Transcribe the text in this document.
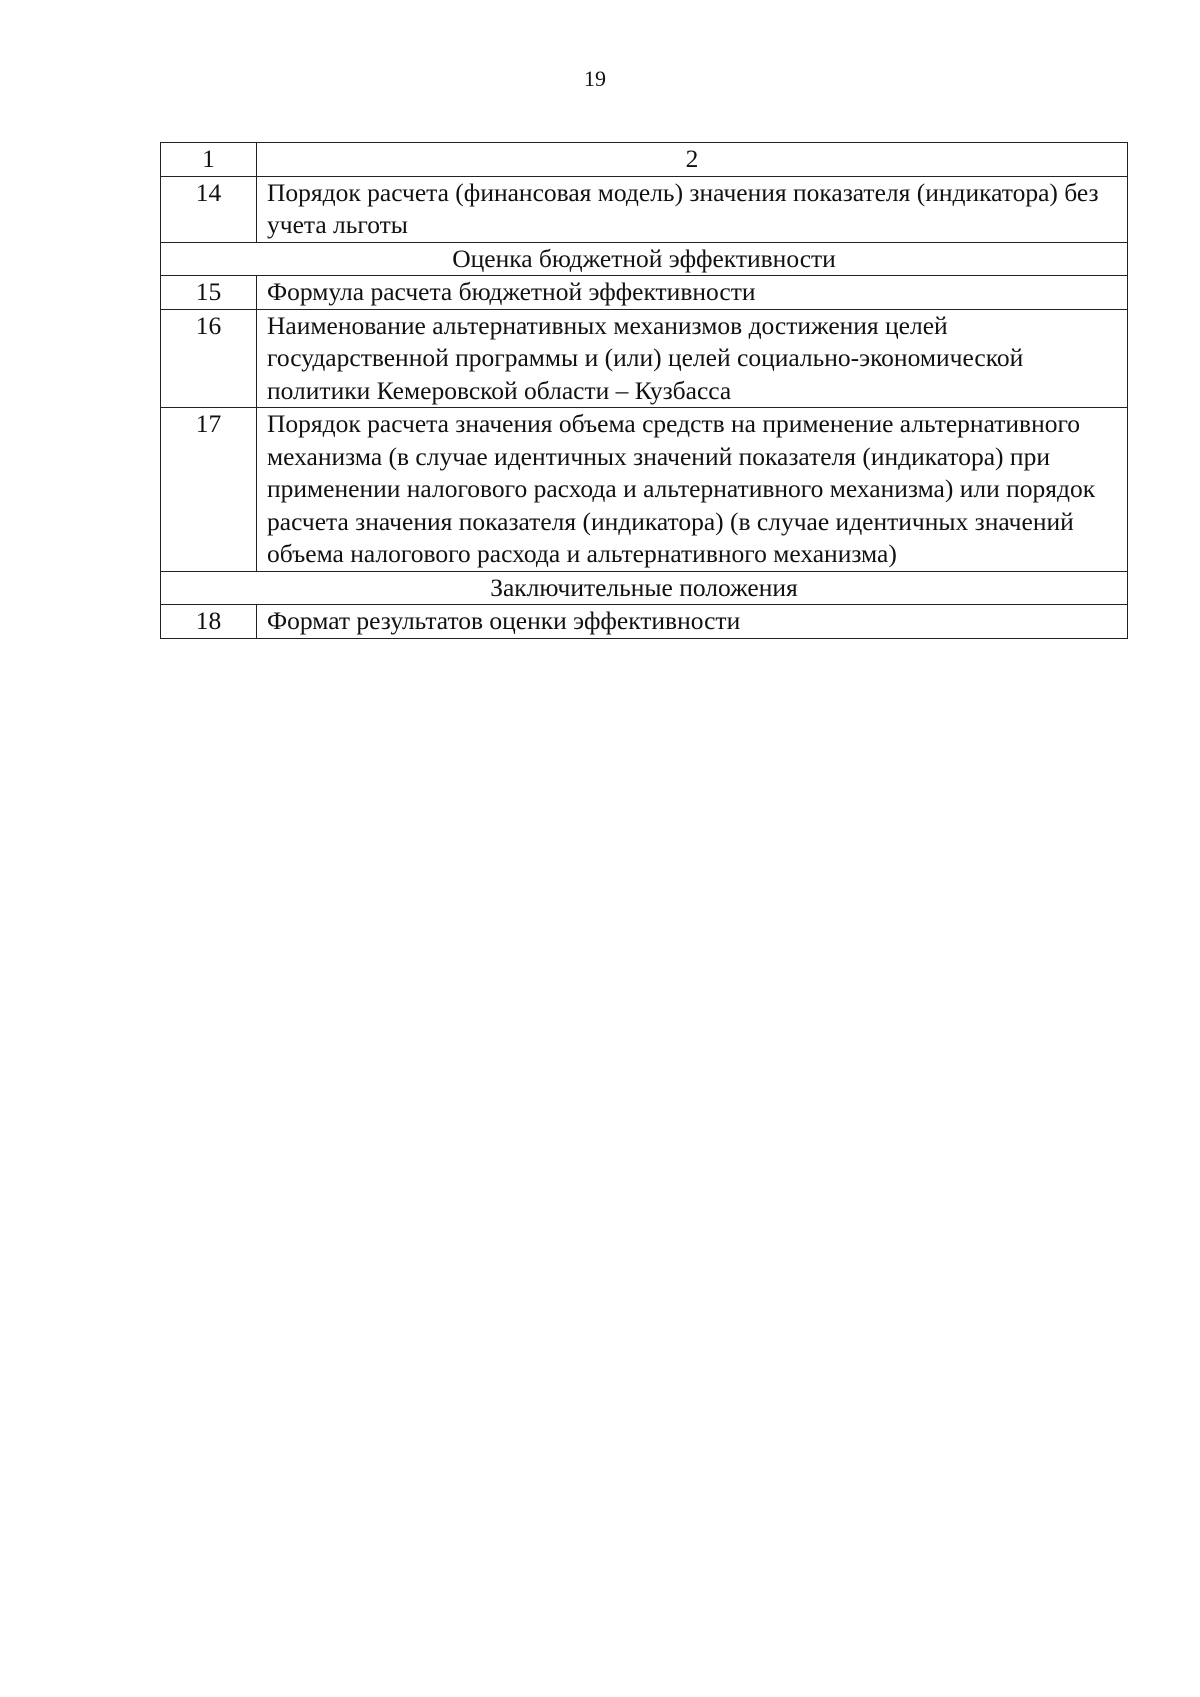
19
1	2
14	Порядок расчета (финансовая модель) значения показателя (индикатора) без учета льготы
Оценка бюджетной эффективности	
15	Формула расчета бюджетной эффективности
16	Наименование альтернативных механизмов достижения целей государственной программы и (или) целей социально-экономической политики Кемеровской области – Кузбасса
17	Порядок расчета значения объема средств на применение альтернативного механизма (в случае идентичных значений показателя (индикатора) при применении налогового расхода и альтернативного механизма) или порядок расчета значения показателя (индикатора) (в случае идентичных значений объема налогового расхода и альтернативного механизма)
Заключительные положения	
18	Формат результатов оценки эффективности
